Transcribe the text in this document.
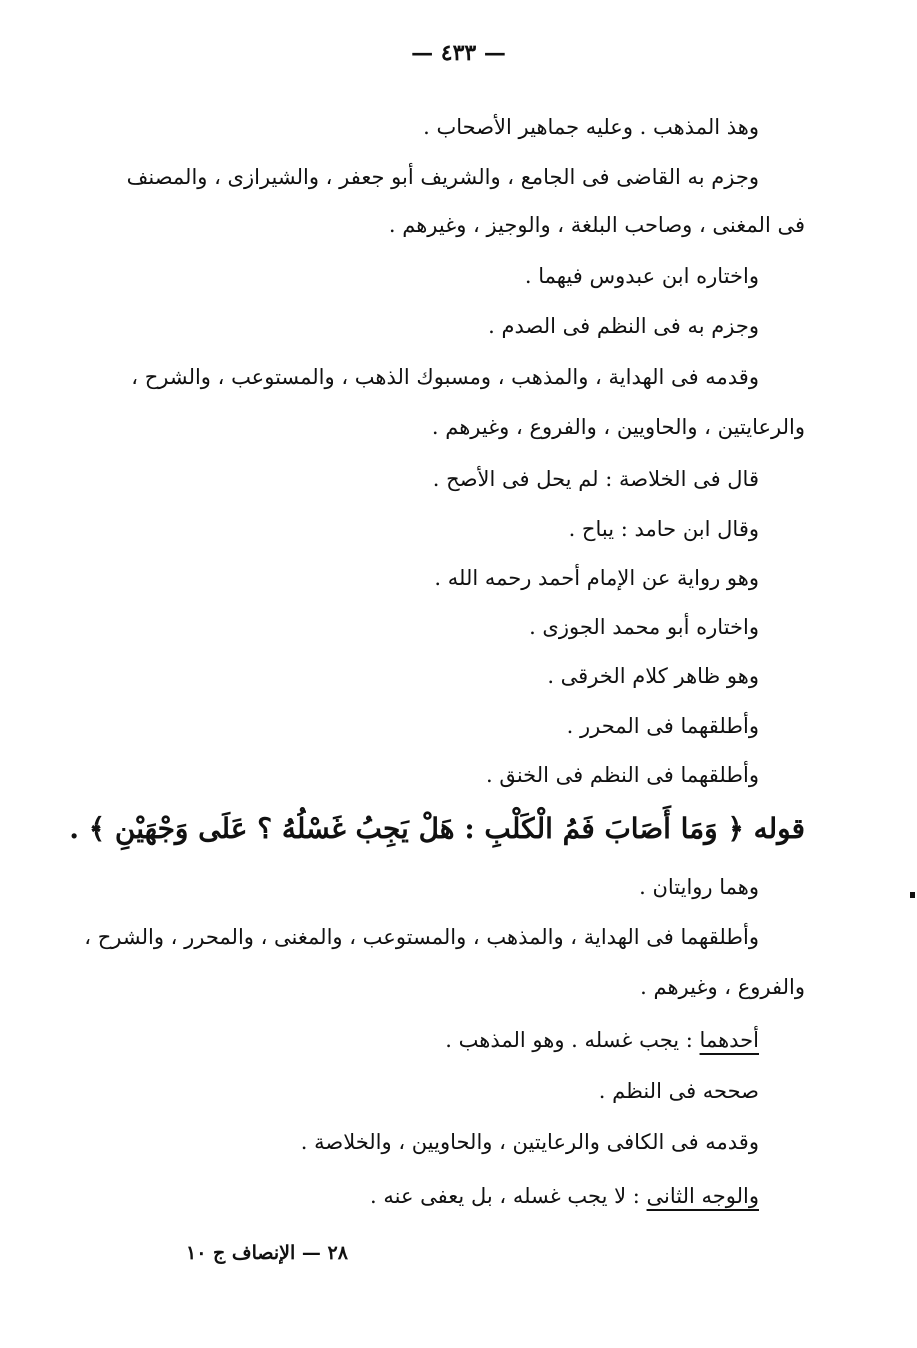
— ٤٣٣ —
وهذ المذهب . وعليه جماهير الأصحاب .
وجزم به القاضى فى الجامع ، والشريف أبو جعفر ، والشيرازى ، والمصنف
فى المغنى ، وصاحب البلغة ، والوجيز ، وغيرهم .
واختاره ابن عبدوس فيهما .
وجزم به فى النظم فى الصدم .
وقدمه فى الهداية ، والمذهب ، ومسبوك الذهب ، والمستوعب ، والشرح ،
والرعايتين ، والحاويين ، والفروع ، وغيرهم .
قال فى الخلاصة : لم يحل فى الأصح .
وقال ابن حامد : يباح .
وهو رواية عن الإمام أحمد رحمه الله .
واختاره أبو محمد الجوزى .
وهو ظاهر كلام الخرقى .
وأطلقهما فى المحرر .
وأطلقهما فى النظم فى الخنق .
قوله ﴿ وَمَا أَصَابَ فَمُ الْكَلْبِ : هَلْ يَجِبُ غَسْلُهُ ؟ عَلَى وَجْهَيْنِ ﴾ .
وهما روايتان .
وأطلقهما فى الهداية ، والمذهب ، والمستوعب ، والمغنى ، والمحرر ، والشرح ،
والفروع ، وغيرهم .
أحدهما : يجب غسله . وهو المذهب .
صححه فى النظم .
وقدمه فى الكافى والرعايتين ، والحاويين ، والخلاصة .
والوجه الثانى : لا يجب غسله ، بل يعفى عنه .
٢٨ — الإنصاف ج ١٠
